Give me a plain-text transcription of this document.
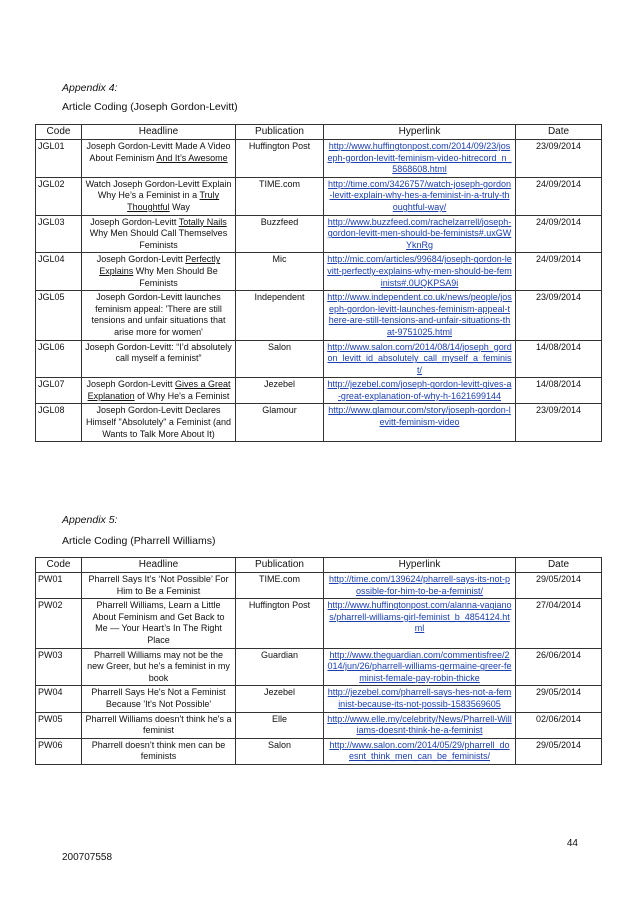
Appendix 4:
Article Coding (Joseph Gordon-Levitt)
Code	Headline	Publication	Hyperlink	Date
JGL01	Joseph Gordon-Levitt Made A Video About Feminism And It’s Awesome	Huffington Post	http://www.huffingtonpost.com/2014/09/23/joseph-gordon-levitt-feminism-video-hitrecord_n_5868608.html	23/09/2014
JGL02	Watch Joseph Gordon-Levitt Explain Why He’s a Feminist in a Truly Thoughtful Way	TIME.com	http://time.com/3426757/watch-joseph-gordon-levitt-explain-why-hes-a-feminist-in-a-truly-thoughtful-way/	24/09/2014
JGL03	Joseph Gordon-Levitt Totally Nails Why Men Should Call Themselves Feminists	Buzzfeed	http://www.buzzfeed.com/rachelzarrell/joseph-gordon-levitt-men-should-be-feminists#.uxGWYknRg	24/09/2014
JGL04	Joseph Gordon-Levitt Perfectly Explains Why Men Should Be Feminists	Mic	http://mic.com/articles/99684/joseph-gordon-levitt-perfectly-explains-why-men-should-be-feminists#.0UQKPSA9i	24/09/2014
JGL05	Joseph Gordon-Levitt launches feminism appeal: 'There are still tensions and unfair situations that arise more for women'	Independent	http://www.independent.co.uk/news/people/joseph-gordon-levitt-launches-feminism-appeal-there-are-still-tensions-and-unfair-situations-that-9751025.html	23/09/2014
JGL06	Joseph Gordon-Levitt: “I’d absolutely call myself a feminist”	Salon	http://www.salon.com/2014/08/14/joseph_gordon_levitt_id_absolutely_call_myself_a_feminist/	14/08/2014
JGL07	Joseph Gordon-Levitt Gives a Great Explanation of Why He's a Feminist	Jezebel	http://jezebel.com/joseph-gordon-levitt-gives-a-great-explanation-of-why-h-1621699144	14/08/2014
JGL08	Joseph Gordon-Levitt Declares Himself "Absolutely" a Feminist (and Wants to Talk More About It)	Glamour	http://www.glamour.com/story/joseph-gordon-levitt-feminism-video	23/09/2014
Appendix 5:
Article Coding (Pharrell Williams)
Code	Headline	Publication	Hyperlink	Date
PW01	Pharrell Says It’s ‘Not Possible’ For Him to Be a Feminist	TIME.com	http://time.com/139624/pharrell-says-its-not-possible-for-him-to-be-a-feminist/	29/05/2014
PW02	Pharrell Williams, Learn a Little About Feminism and Get Back to Me — Your Heart’s In The Right Place	Huffington Post	http://www.huffingtonpost.com/alanna-vagianos/pharrell-williams-girl-feminist_b_4854124.html	27/04/2014
PW03	Pharrell Williams may not be the new Greer, but he's a feminist in my book	Guardian	http://www.theguardian.com/commentisfree/2014/jun/26/pharrell-williams-germaine-greer-feminist-female-pay-robin-thicke	26/06/2014
PW04	Pharrell Says He's Not a Feminist Because 'It's Not Possible'	Jezebel	http://jezebel.com/pharrell-says-hes-not-a-feminist-because-its-not-possib-1583569605	29/05/2014
PW05	Pharrell Williams doesn't think he's a feminist	Elle	http://www.elle.my/celebrity/News/Pharrell-Williams-doesnt-think-he-a-feminist	02/06/2014
PW06	Pharrell doesn’t think men can be feminists	Salon	http://www.salon.com/2014/05/29/pharrell_doesnt_think_men_can_be_feminists/	29/05/2014
44
200707558
